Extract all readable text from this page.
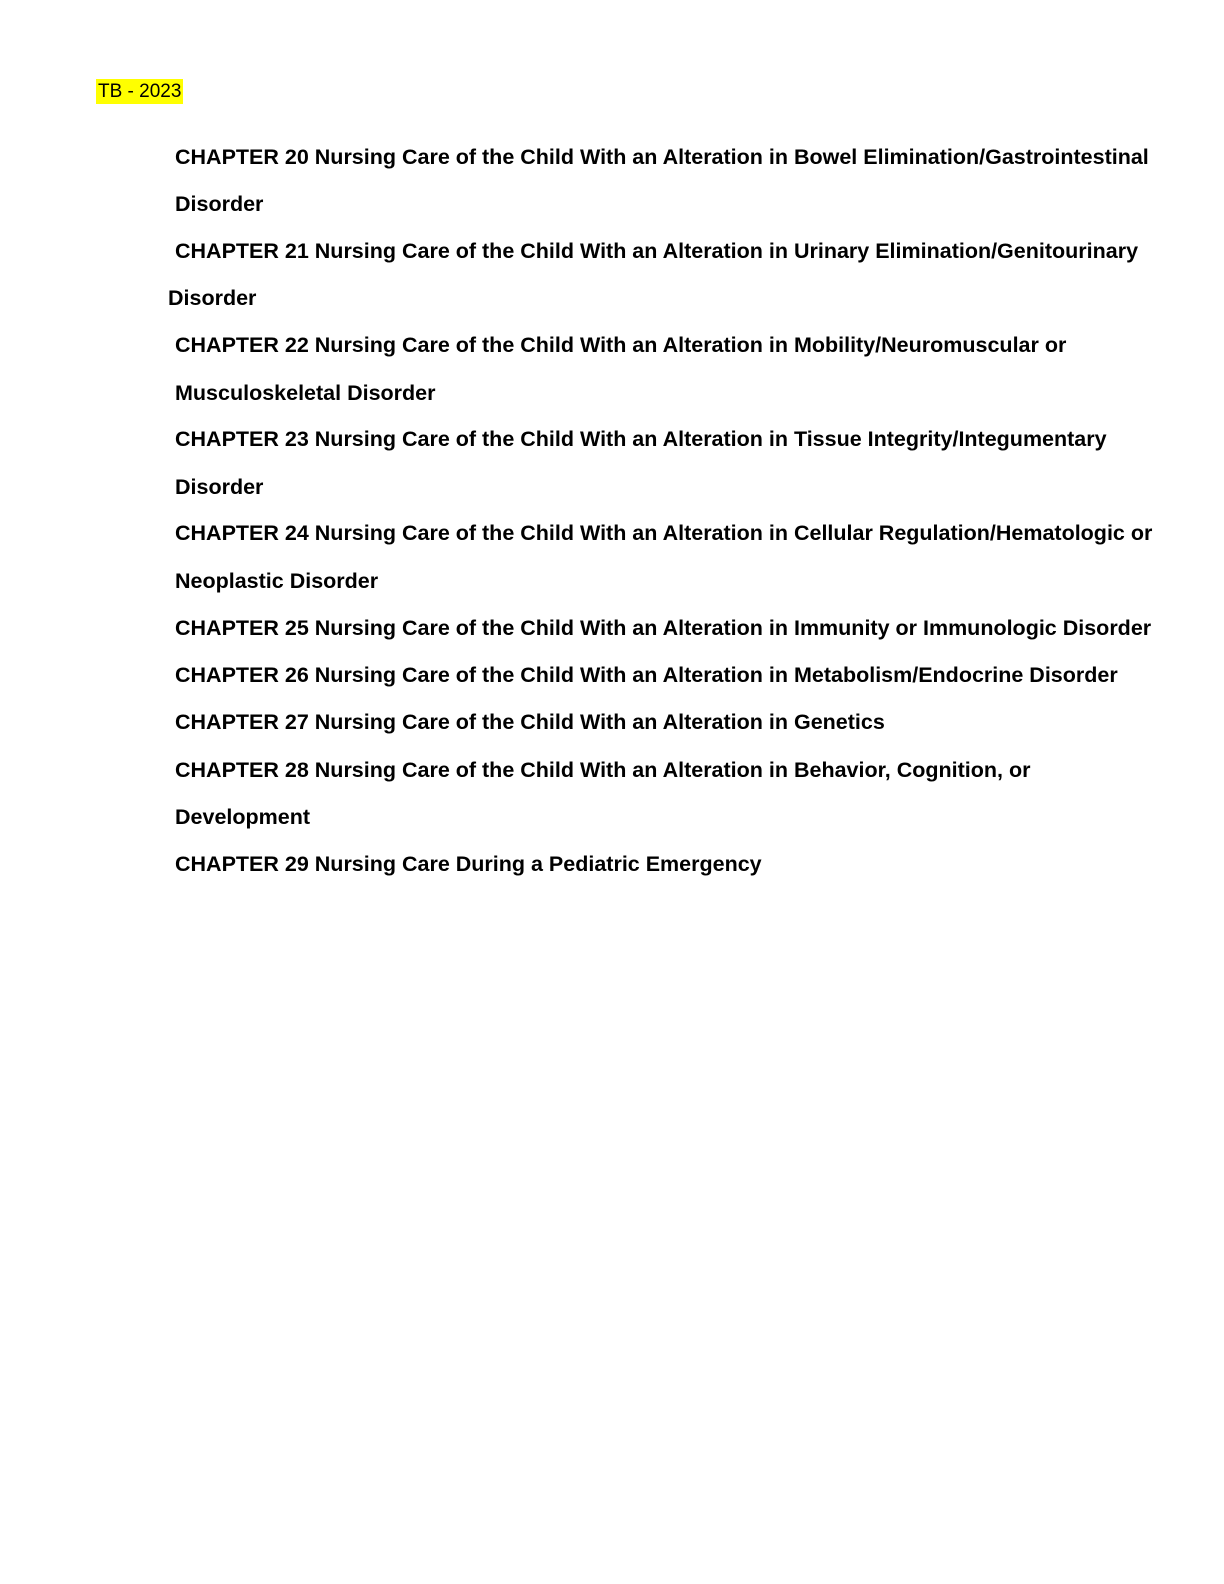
TB - 2023
CHAPTER 20 Nursing Care of the Child With an Alteration in Bowel Elimination/Gastrointestinal
Disorder
CHAPTER 21 Nursing Care of the Child With an Alteration in Urinary Elimination/Genitourinary
Disorder
CHAPTER 22 Nursing Care of the Child With an Alteration in Mobility/Neuromuscular or
Musculoskeletal Disorder
CHAPTER 23 Nursing Care of the Child With an Alteration in Tissue Integrity/Integumentary
Disorder
CHAPTER 24 Nursing Care of the Child With an Alteration in Cellular Regulation/Hematologic or
Neoplastic Disorder
CHAPTER 25 Nursing Care of the Child With an Alteration in Immunity or Immunologic Disorder
CHAPTER 26 Nursing Care of the Child With an Alteration in Metabolism/Endocrine Disorder
CHAPTER 27 Nursing Care of the Child With an Alteration in Genetics
CHAPTER 28 Nursing Care of the Child With an Alteration in Behavior, Cognition, or
Development
CHAPTER 29 Nursing Care During a Pediatric Emergency
